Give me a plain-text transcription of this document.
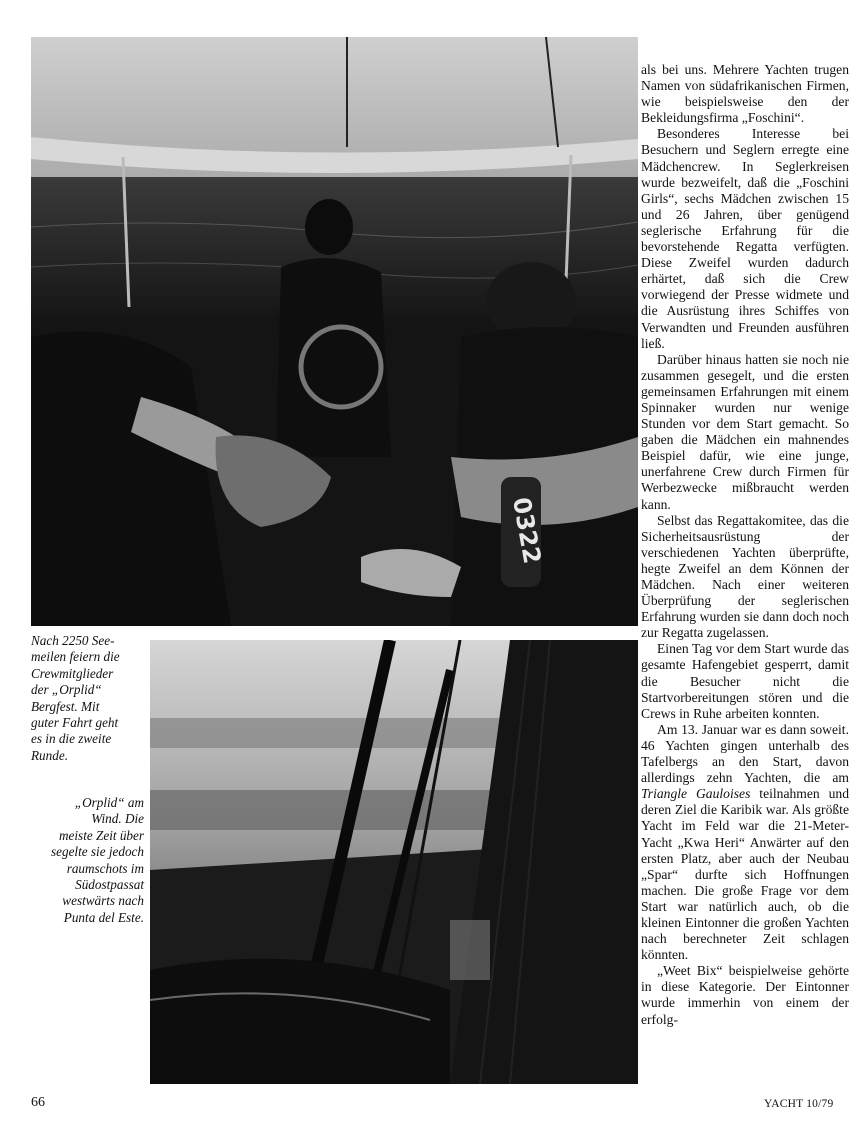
0322
Nach 2250 See-
meilen feiern die
Crewmitglieder
der „Orplid“
Bergfest. Mit
guter Fahrt geht
es in die zweite
Runde.
„Orplid“ am
Wind. Die
meiste Zeit über
segelte sie jedoch
raumschots im
Südostpassat
westwärts nach
Punta del Este.
als bei uns. Mehrere Yachten trugen Namen von südafrikanischen Firmen, wie beispielsweise den der Bekleidungsfirma „Foschini“.
Besonderes Interesse bei Besuchern und Seglern erregte eine Mädchencrew. In Seglerkreisen wurde bezweifelt, daß die „Foschini Girls“, sechs Mädchen zwischen 15 und 26 Jahren, über genügend seglerische Erfahrung für die bevorstehende Regatta verfügten. Diese Zweifel wurden dadurch erhärtet, daß sich die Crew vorwiegend der Presse widmete und die Ausrüstung ihres Schiffes von Verwandten und Freunden ausführen ließ.
Darüber hinaus hatten sie noch nie zusammen gesegelt, und die ersten gemeinsamen Erfahrungen mit einem Spinnaker wurden nur wenige Stunden vor dem Start gemacht. So gaben die Mädchen ein mahnendes Beispiel dafür, wie eine junge, unerfahrene Crew durch Firmen für Werbezwecke mißbraucht werden kann.
Selbst das Regattakomitee, das die Sicherheitsausrüstung der verschiedenen Yachten überprüfte, hegte Zweifel an dem Können der Mädchen. Nach einer weiteren Überprüfung der seglerischen Erfahrung wurden sie dann doch noch zur Regatta zugelassen.
Einen Tag vor dem Start wurde das gesamte Hafengebiet gesperrt, damit die Besucher nicht die Startvorbereitungen stören und die Crews in Ruhe arbeiten konnten.
Am 13. Januar war es dann soweit. 46 Yachten gingen unterhalb des Tafelbergs an den Start, davon allerdings zehn Yachten, die am Triangle Gauloises teilnahmen und deren Ziel die Karibik war. Als größte Yacht im Feld war die 21-Meter-Yacht „Kwa Heri“ Anwärter auf den ersten Platz, aber auch der Neubau „Spar“ durfte sich Hoffnungen machen. Die große Frage vor dem Start war natürlich auch, ob die kleinen Eintonner die großen Yachten nach berechneter Zeit schlagen könnten.
„Weet Bix“ beispielweise gehörte in diese Kategorie. Der Eintonner wurde immerhin von einem der erfolg-
66	YACHT 10/79
